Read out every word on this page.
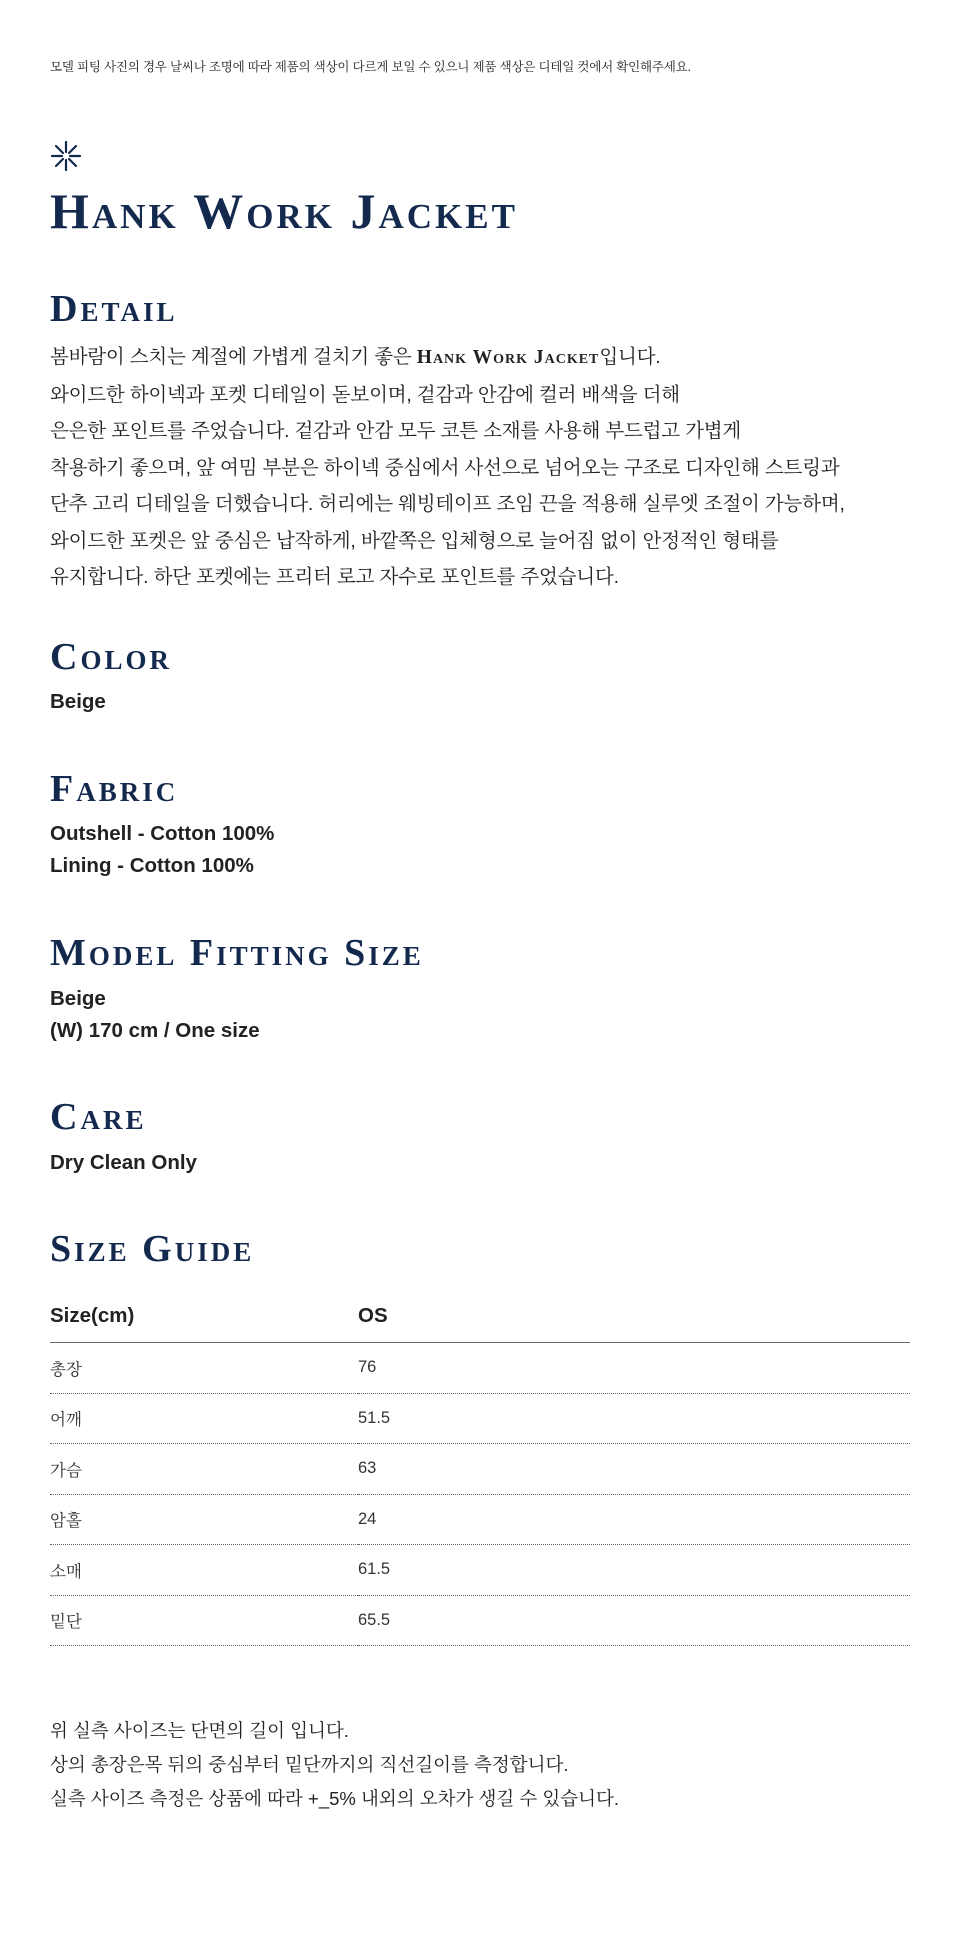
모델 피팅 사진의 경우 날씨나 조명에 따라 제품의 색상이 다르게 보일 수 있으니 제품 색상은 디테일 컷에서 확인해주세요.
Hank Work Jacket
Detail
봄바람이 스치는 계절에 가볍게 걸치기 좋은 Hank Work Jacket입니다.
와이드한 하이넥과 포켓 디테일이 돋보이며, 겉감과 안감에 컬러 배색을 더해
은은한 포인트를 주었습니다. 겉감과 안감 모두 코튼 소재를 사용해 부드럽고 가볍게
착용하기 좋으며, 앞 여밈 부분은 하이넥 중심에서 사선으로 넘어오는 구조로 디자인해 스트링과
단추 고리 디테일을 더했습니다. 허리에는 웨빙테이프 조임 끈을 적용해 실루엣 조절이 가능하며,
와이드한 포켓은 앞 중심은 납작하게, 바깥쪽은 입체형으로 늘어짐 없이 안정적인 형태를
유지합니다. 하단 포켓에는 프리터 로고 자수로 포인트를 주었습니다.
Color
Beige
Fabric
Outshell - Cotton 100%
Lining - Cotton 100%
Model Fitting Size
Beige
(W) 170 cm / One size
Care
Dry Clean Only
Size Guide
Size(cm)	OS
총장	76
어깨	51.5
가슴	63
암홀	24
소매	61.5
밑단	65.5
위 실측 사이즈는 단면의 길이 입니다.
상의 총장은목 뒤의 중심부터 밑단까지의 직선길이를 측정합니다.
실측 사이즈 측정은 상품에 따라 +_5% 내외의 오차가 생길 수 있습니다.
